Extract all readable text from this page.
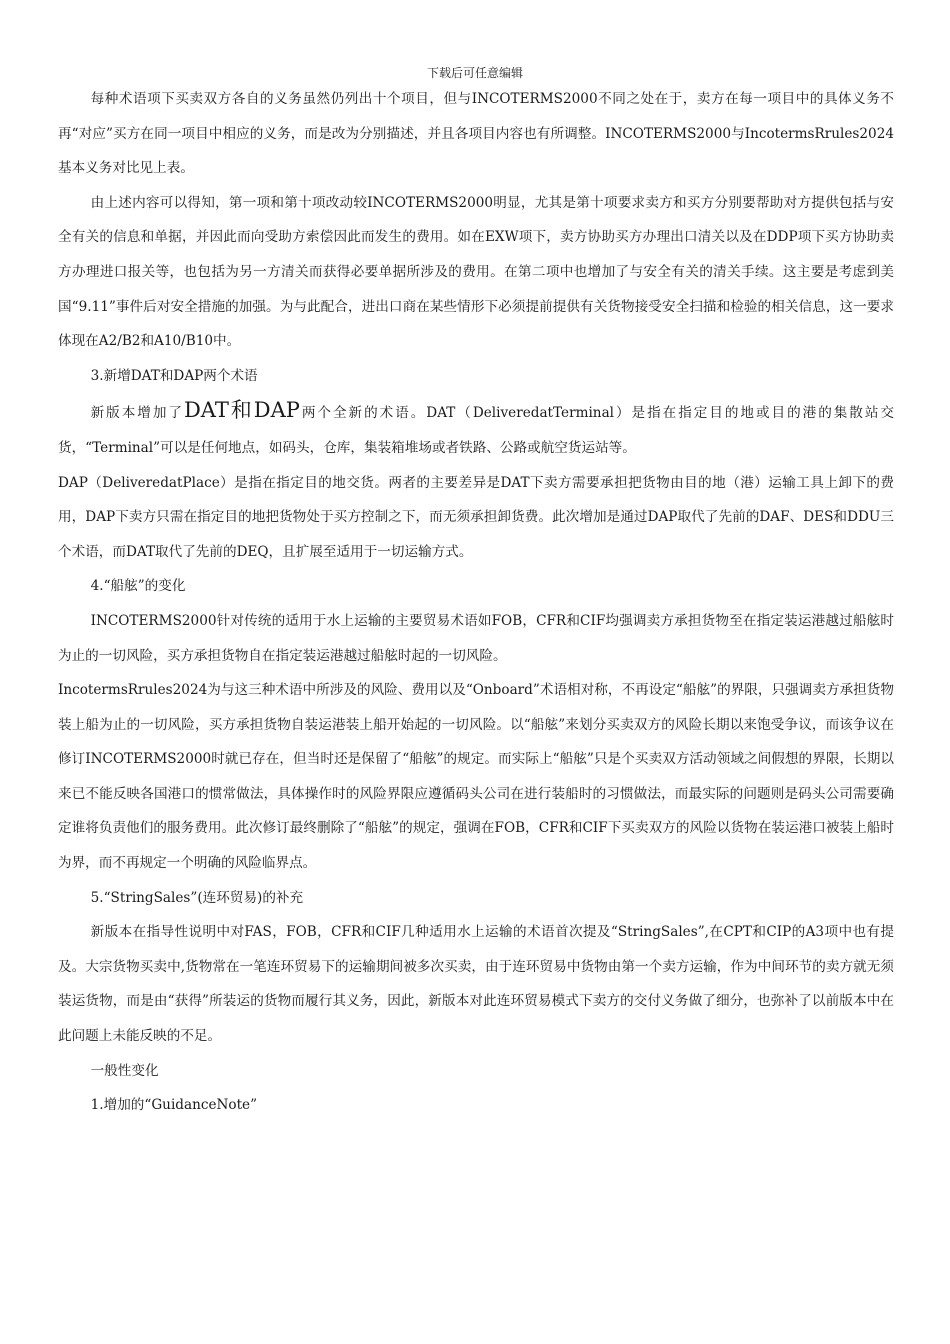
下载后可任意编辑

每种术语项下买卖双方各自的义务虽然仍列出十个项目，但与INCOTERMS2000不同之处在于，卖方在每一项目中的具体义务不再“对应”买方在同一项目中相应的义务，而是改为分别描述，并且各项目内容也有所调整。INCOTERMS2000与IncotermsRrules2024基本义务对比见上表。

由上述内容可以得知，第一项和第十项改动较INCOTERMS2000明显，尤其是第十项要求卖方和买方分别要帮助对方提供包括与安全有关的信息和单据，并因此而向受助方索偿因此而发生的费用。如在EXW项下，卖方协助买方办理出口清关以及在DDP项下买方协助卖方办理进口报关等，也包括为另一方清关而获得必要单据所涉及的费用。在第二项中也增加了与安全有关的清关手续。这主要是考虑到美国“9.11”事件后对安全措施的加强。为与此配合，进出口商在某些情形下必须提前提供有关货物接受安全扫描和检验的相关信息，这一要求体现在A2/B2和A10/B10中。

3.新增DAT和DAP两个术语

新版本增加了DAT和DAP两个全新的术语。DAT（DeliveredatTerminal）是指在指定目的地或目的港的集散站交货，“Terminal”可以是任何地点，如码头，仓库，集装箱堆场或者铁路、公路或航空货运站等。

DAP（DeliveredatPlace）是指在指定目的地交货。两者的主要差异是DAT下卖方需要承担把货物由目的地（港）运输工具上卸下的费用，DAP下卖方只需在指定目的地把货物处于买方控制之下，而无须承担卸货费。此次增加是通过DAP取代了先前的DAF、DES和DDU三个术语，而DAT取代了先前的DEQ，且扩展至适用于一切运输方式。

4.“船舷”的变化

INCOTERMS2000针对传统的适用于水上运输的主要贸易术语如FOB，CFR和CIF均强调卖方承担货物至在指定装运港越过船舷时为止的一切风险，买方承担货物自在指定装运港越过船舷时起的一切风险。

IncotermsRrules2024为与这三种术语中所涉及的风险、费用以及“Onboard”术语相对称，不再设定“船舷”的界限，只强调卖方承担货物装上船为止的一切风险，买方承担货物自装运港装上船开始起的一切风险。以“船舷”来划分买卖双方的风险长期以来饱受争议，而该争议在修订INCOTERMS2000时就已存在，但当时还是保留了“船舷”的规定。而实际上“船舷”只是个买卖双方活动领域之间假想的界限，长期以来已不能反映各国港口的惯常做法，具体操作时的风险界限应遵循码头公司在进行装船时的习惯做法，而最实际的问题则是码头公司需要确定谁将负责他们的服务费用。此次修订最终删除了“船舷”的规定，强调在FOB，CFR和CIF下买卖双方的风险以货物在装运港口被装上船时为界，而不再规定一个明确的风险临界点。

5.“StringSales”(连环贸易)的补充

新版本在指导性说明中对FAS，FOB，CFR和CIF几种适用水上运输的术语首次提及“StringSales”,在CPT和CIP的A3项中也有提及。大宗货物买卖中,货物常在一笔连环贸易下的运输期间被多次买卖，由于连环贸易中货物由第一个卖方运输，作为中间环节的卖方就无须装运货物，而是由“获得”所装运的货物而履行其义务，因此，新版本对此连环贸易模式下卖方的交付义务做了细分，也弥补了以前版本中在此问题上未能反映的不足。

一般性变化

1.增加的“GuidanceNote”
